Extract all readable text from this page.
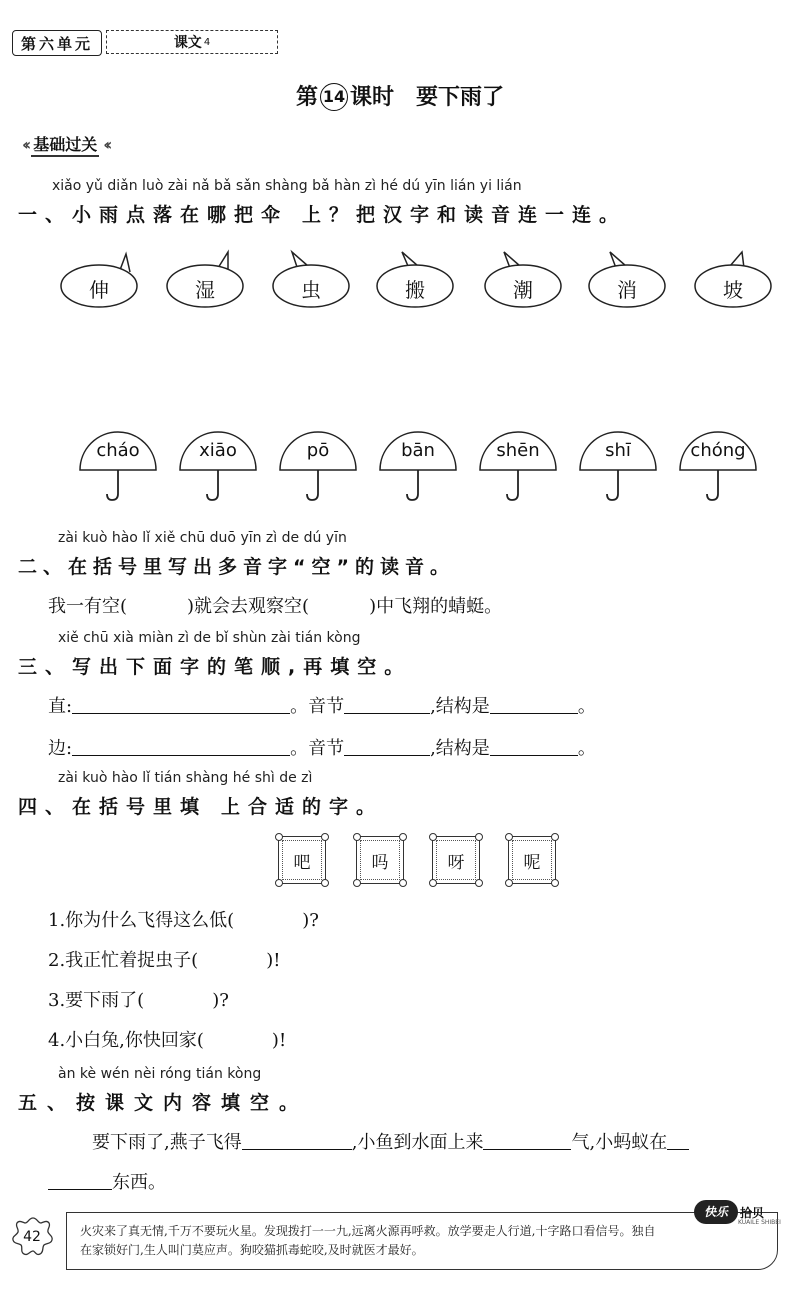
第六单元	课文 4
第 14 课时 要下雨了
‹‹ 基础过关 ‹‹
xiǎo yǔ diǎn luò zài nǎ bǎ sǎn shàng bǎ hàn zì hé dú yīn lián yi lián
一、小雨点落在哪把伞 上？把汉字和读音连一连。
伸	湿	虫	搬	潮	消	坡
cháo	xiāo	pō	bān	shēn	shī	chóng
zài kuò hào lǐ xiě chū duō yīn zì de dú yīn
二、在括号里写出多音字“空”的读音。
我一有空(	)就会去观察空(	)中飞翔的蜻蜓。
xiě chū xià miàn zì de bǐ shùn zài tián kòng
三、写出下面字的笔顺,再填空。
直:	。音节	,结构是	。
边:	。音节	,结构是	。
zài kuò hào lǐ tián shàng hé shì de zì
四、在括号里填 上合适的字。
吧	吗	呀	呢
1.你为什么飞得这么低(	)?
2.我正忙着捉虫子(	)!
3.要下雨了(	)?
4.小白兔,你快回家(	)!
àn kè wén nèi róng tián kòng
五、按课文内容填空。
要下雨了,燕子飞得	,小鱼到水面上来	气,小蚂蚁在
东西。
42	火灾来了真无情,千万不要玩火星。发现拨打一一九,远离火源再呼救。放学要走人行道,十字路口看信号。独自在家锁好门,生人叫门莫应声。狗咬猫抓毒蛇咬,及时就医才最好。
快乐	拾贝
KUAILE SHIBEI
